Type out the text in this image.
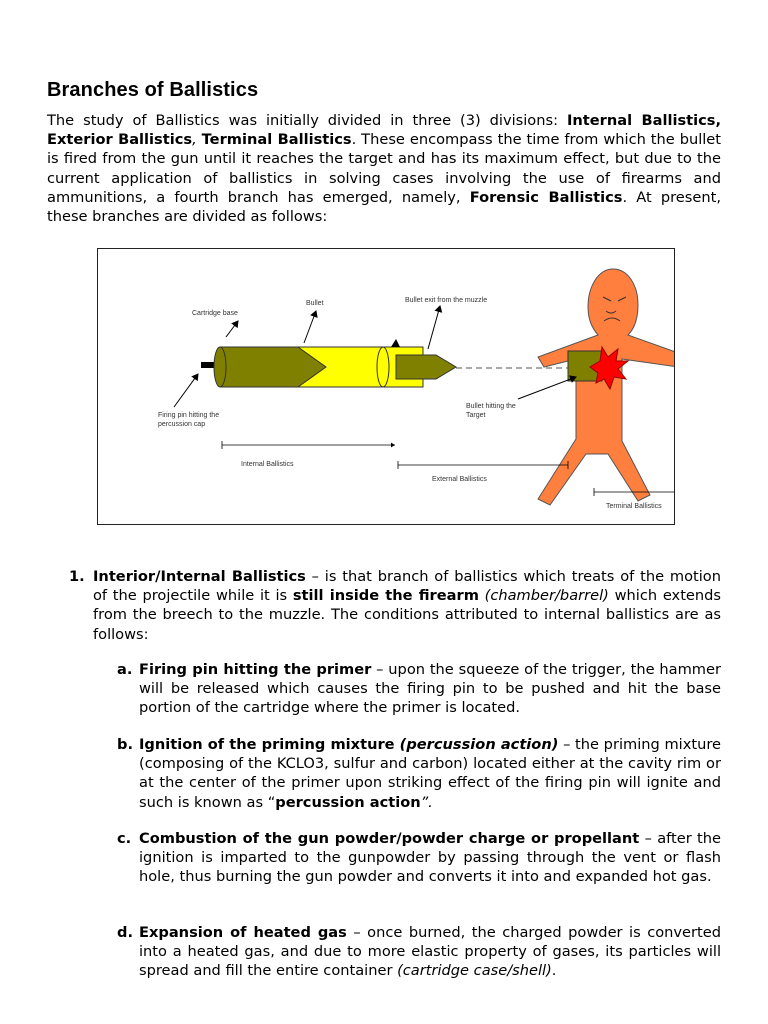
Branches of Ballistics

The study of Ballistics was initially divided in three (3) divisions: Internal Ballistics, Exterior Ballistics, Terminal Ballistics. These encompass the time from which the bullet is fired from the gun until it reaches the target and has its maximum effect, but due to the current application of ballistics in solving cases involving the use of firearms and ammunitions, a fourth branch has emerged, namely, Forensic Ballistics. At present, these branches are divided as follows:

Cartridge base
Bullet	Bullet exit from the muzzle
Firing pin hitting the
percussion cap
Bullet hitting the
Target
Internal Ballistics
External Ballistics
Terminal Ballistics
1. Interior/Internal Ballistics – is that branch of ballistics which treats of the motion of the projectile while it is still inside the firearm (chamber/barrel) which extends from the breech to the muzzle. The conditions attributed to internal ballistics are as follows:
a. Firing pin hitting the primer – upon the squeeze of the trigger, the hammer will be released which causes the firing pin to be pushed and hit the base portion of the cartridge where the primer is located.
b. Ignition of the priming mixture (percussion action) – the priming mixture (composing of the KCLO3, sulfur and carbon) located either at the cavity rim or at the center of the primer upon striking effect of the firing pin will ignite and such is known as “percussion action”.
c. Combustion of the gun powder/powder charge or propellant – after the ignition is imparted to the gunpowder by passing through the vent or flash hole, thus burning the gun powder and converts it into and expanded hot gas.
d. Expansion of heated gas – once burned, the charged powder is converted into a heated gas, and due to more elastic property of gases, its particles will spread and fill the entire container (cartridge case/shell).
